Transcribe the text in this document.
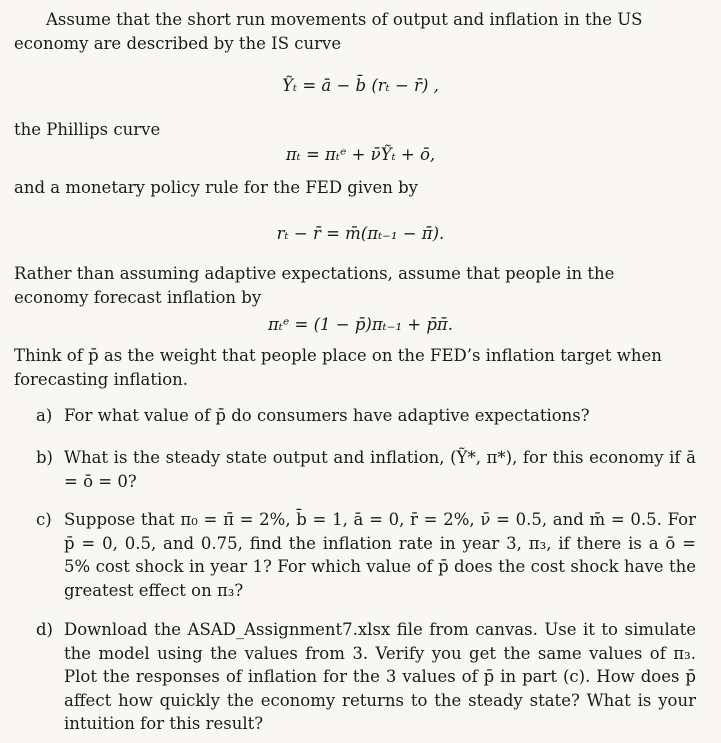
Assume that the short run movements of output and inflation in the US economy are described by the IS curve

Ỹₜ = ā − b̄ (rₜ − r̄) ,

the Phillips curve

πₜ = πₜᵉ + ν̄Ỹₜ + ō,

and a monetary policy rule for the FED given by

rₜ − r̄ = m̄(πₜ₋₁ − π̄).

Rather than assuming adaptive expectations, assume that people in the economy forecast inflation by

πₜᵉ = (1 − p̄)πₜ₋₁ + p̄π̄.

Think of p̄ as the weight that people place on the FED’s inflation target when forecasting inflation.

a) For what value of p̄ do consumers have adaptive expectations?
b) What is the steady state output and inflation, (Ỹ*, π*), for this economy if ā = ō = 0?
c) Suppose that π₀ = π̄ = 2%, b̄ = 1, ā = 0, r̄ = 2%, ν̄ = 0.5, and m̄ = 0.5. For p̄ = 0, 0.5, and 0.75, find the inflation rate in year 3, π₃, if there is a ō = 5% cost shock in year 1? For which value of p̄ does the cost shock have the greatest effect on π₃?
d) Download the ASAD_Assignment7.xlsx file from canvas. Use it to simulate the model using the values from 3. Verify you get the same values of π₃. Plot the responses of inflation for the 3 values of p̄ in part (c). How does p̄ affect how quickly the economy returns to the steady state? What is your intuition for this result?
